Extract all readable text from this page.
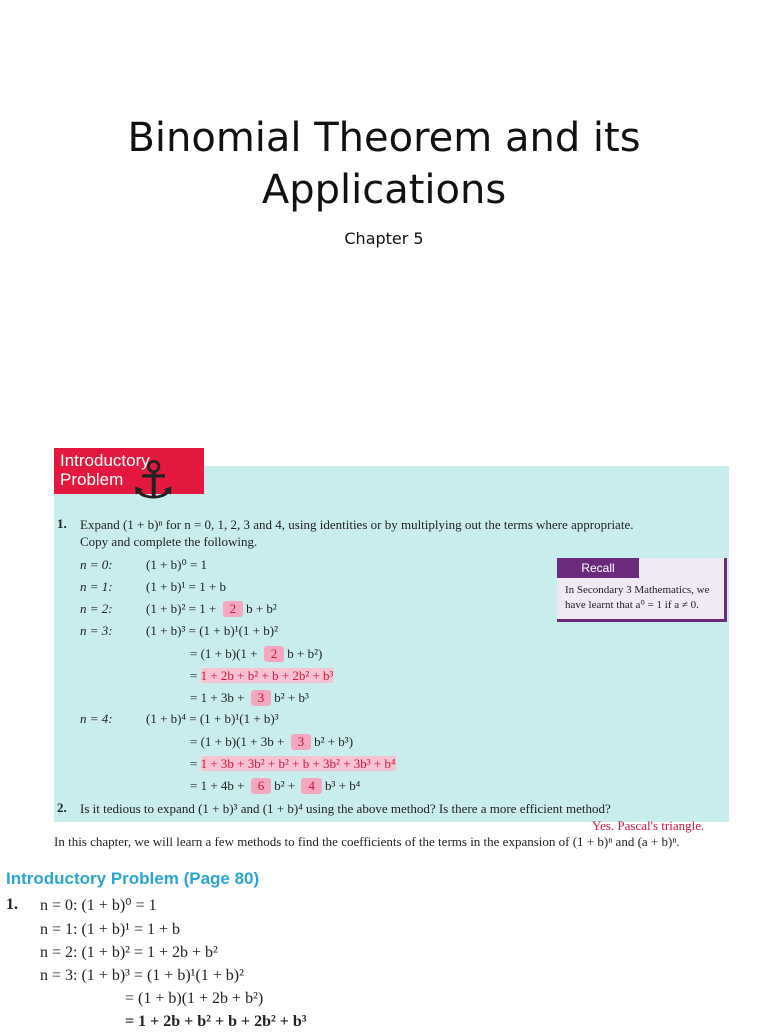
Binomial Theorem and its
Applications
Chapter 5
Introductory
Problem ⚓
1. Expand (1 + b)ⁿ for n = 0, 1, 2, 3 and 4, using identities or by multiplying out the terms where appropriate.
Copy and complete the following.
n = 0:	(1 + b)⁰ = 1
n = 1:	(1 + b)¹ = 1 + b
n = 2:	(1 + b)² = 1 + 2 b + b²
n = 3:	(1 + b)³ = (1 + b)¹(1 + b)²
= (1 + b)(1 + 2 b + b²)
= 1 + 2b + b² + b + 2b² + b³
= 1 + 3b + 3 b² + b³
n = 4:	(1 + b)⁴ = (1 + b)¹(1 + b)³
= (1 + b)(1 + 3b + 3 b² + b³)
= 1 + 3b + 3b² + b² + b + 3b² + 3b³ + b⁴
= 1 + 4b + 6 b² + 4 b³ + b⁴
2. Is it tedious to expand (1 + b)³ and (1 + b)⁴ using the above method? Is there a more efficient method?
Recall
In Secondary 3 Mathematics, we have learnt that a⁰ = 1 if a ≠ 0.
Yes. Pascal's triangle.
In this chapter, we will learn a few methods to find the coefficients of the terms in the expansion of (1 + b)ⁿ and (a + b)ⁿ.
Introductory Problem (Page 80)
1. n = 0: (1 + b)⁰ = 1
n = 1: (1 + b)¹ = 1 + b
n = 2: (1 + b)² = 1 + 2b + b²
n = 3: (1 + b)³ = (1 + b)¹(1 + b)²
= (1 + b)(1 + 2b + b²)
= 1 + 2b + b² + b + 2b² + b³
